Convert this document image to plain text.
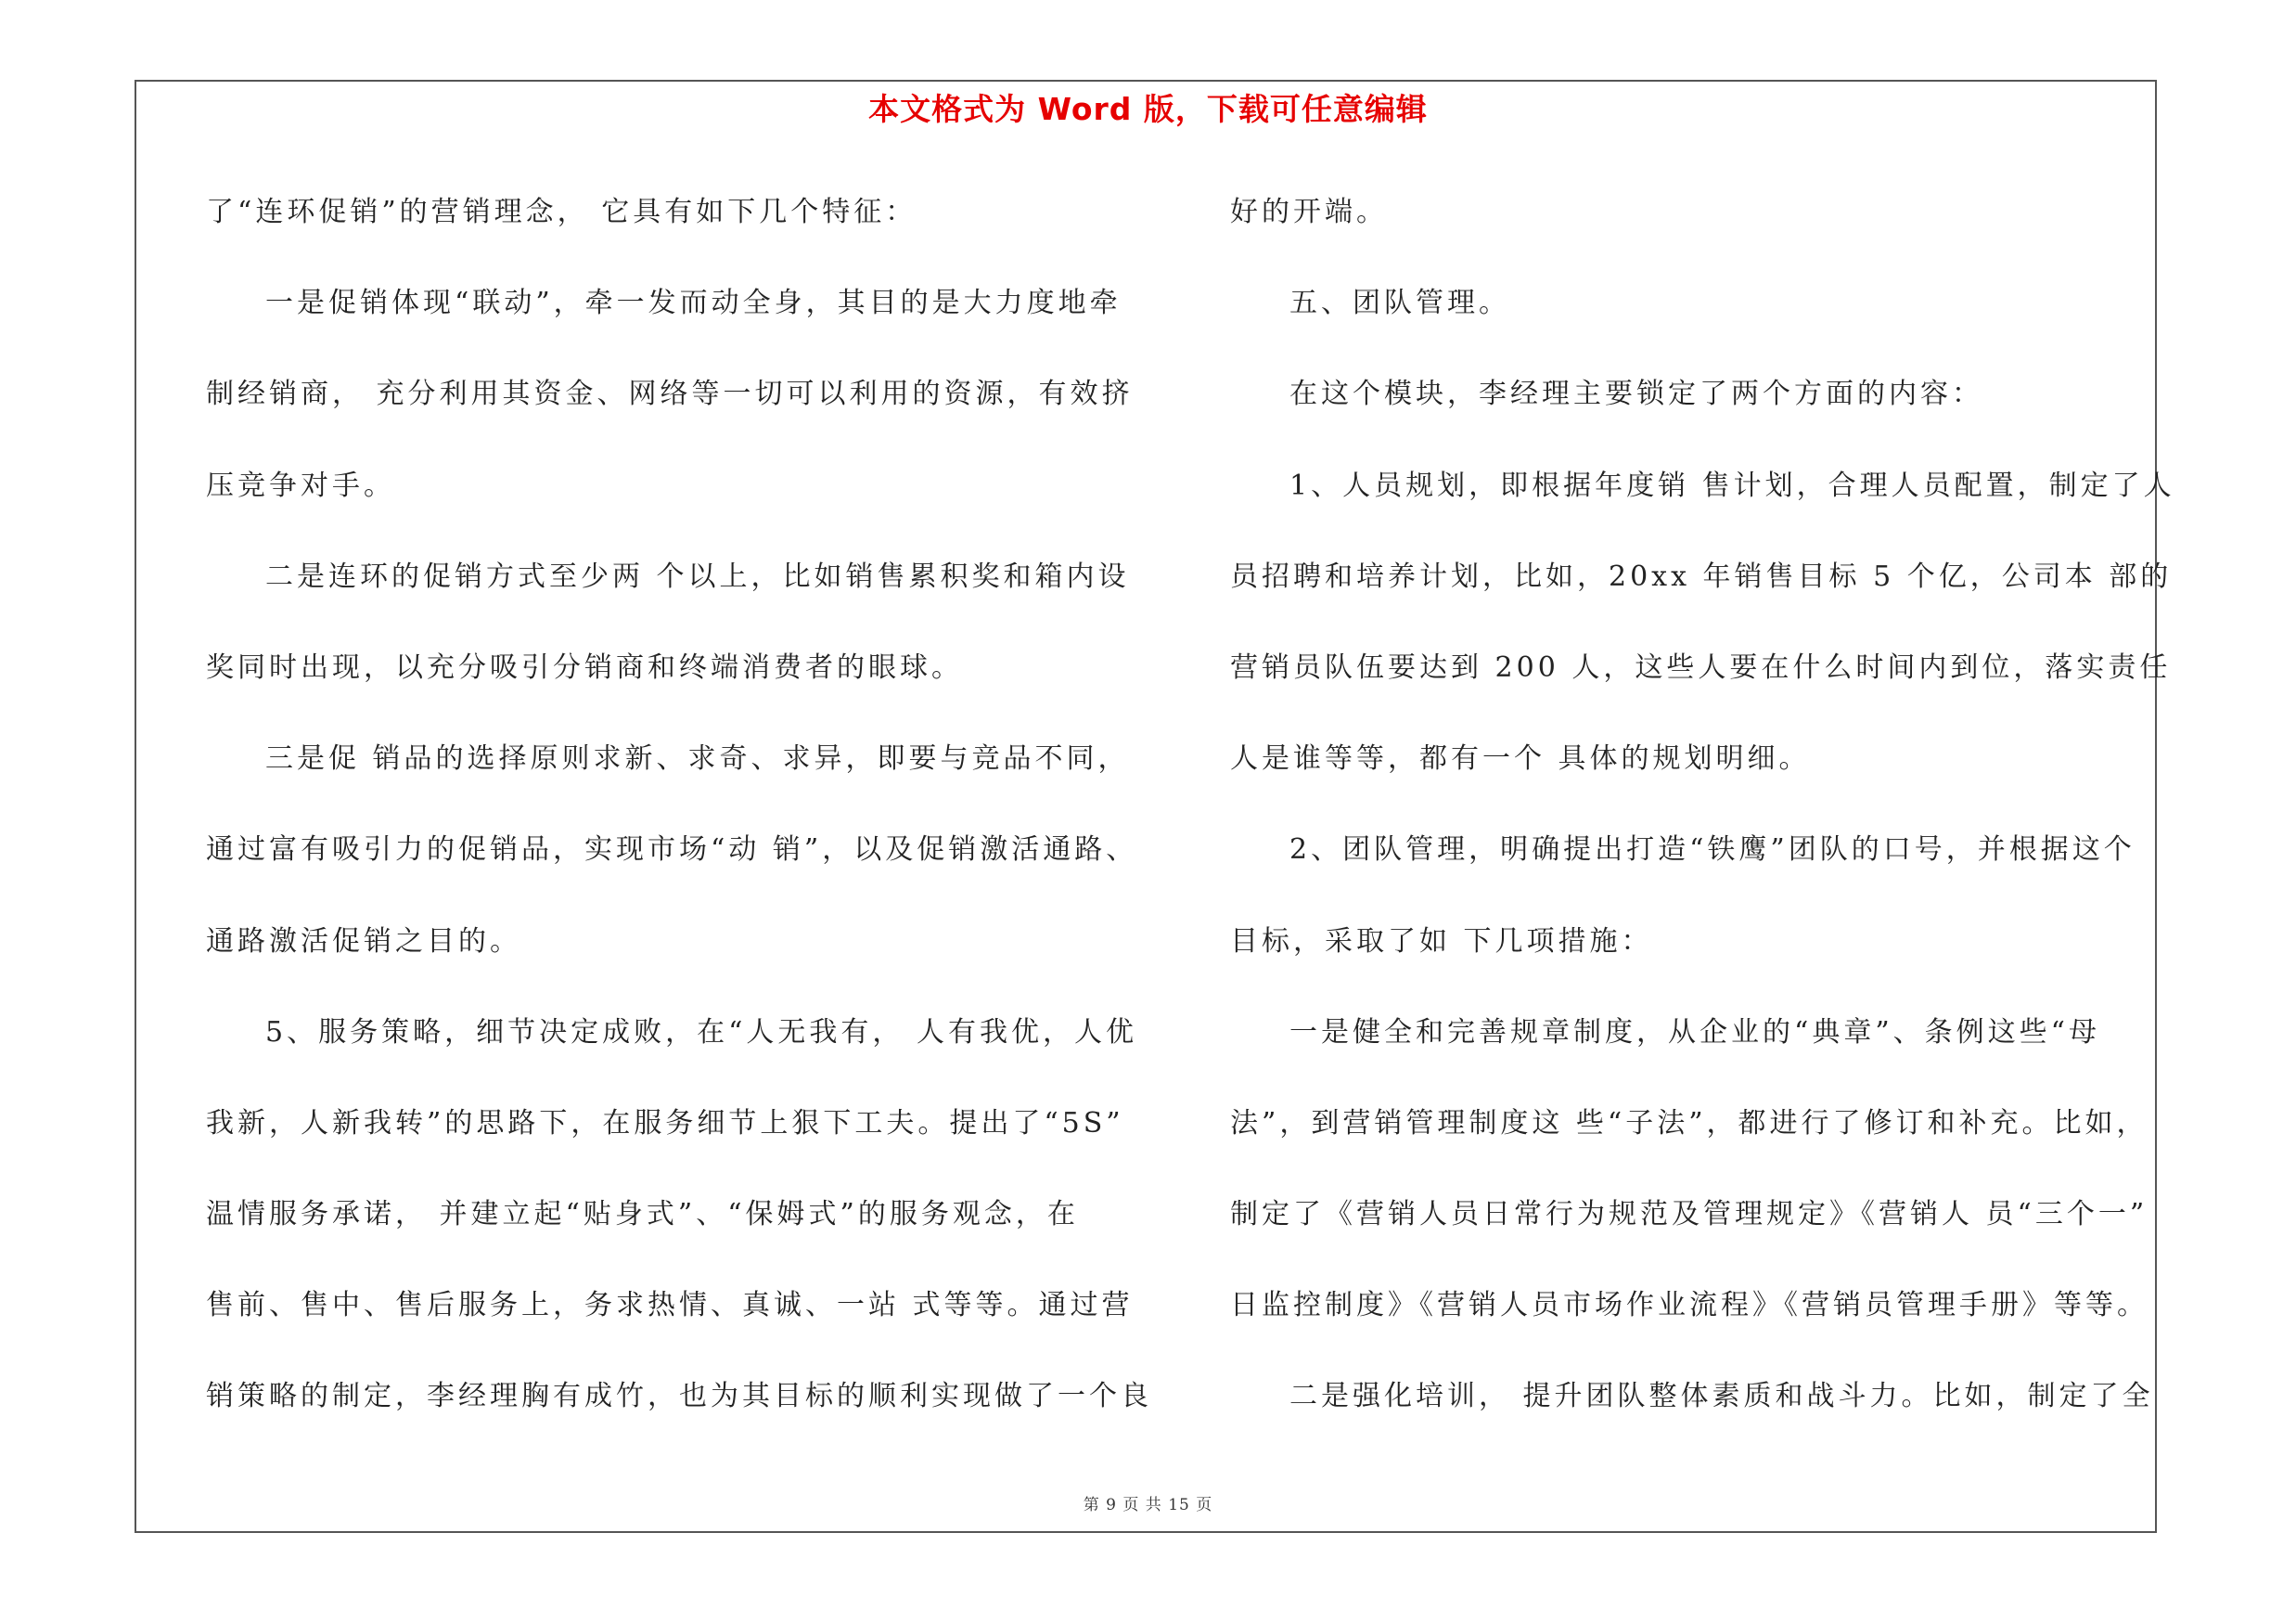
本文格式为 Word 版，下载可任意编辑
了“连环促销”的营销理念， 它具有如下几个特征：
一是促销体现“联动”，牵一发而动全身，其目的是大力度地牵
制经销商， 充分利用其资金、网络等一切可以利用的资源，有效挤
压竞争对手。
二是连环的促销方式至少两 个以上，比如销售累积奖和箱内设
奖同时出现，以充分吸引分销商和终端消费者的眼球。
三是促 销品的选择原则求新、求奇、求异，即要与竞品不同，
通过富有吸引力的促销品，实现市场“动 销”，以及促销激活通路、
通路激活促销之目的。
5、服务策略，细节决定成败，在“人无我有， 人有我优，人优
我新，人新我转”的思路下，在服务细节上狠下工夫。提出了“5S”
温情服务承诺， 并建立起“贴身式”、“保姆式”的服务观念，在
售前、售中、售后服务上，务求热情、真诚、一站 式等等。通过营
销策略的制定，李经理胸有成竹，也为其目标的顺利实现做了一个良
好的开端。
五、团队管理。
在这个模块，李经理主要锁定了两个方面的内容：
1、人员规划，即根据年度销 售计划，合理人员配置，制定了人
员招聘和培养计划，比如，20xx 年销售目标 5 个亿，公司本 部的
营销员队伍要达到 200 人，这些人要在什么时间内到位，落实责任
人是谁等等，都有一个 具体的规划明细。
2、团队管理，明确提出打造“铁鹰”团队的口号，并根据这个
目标，采取了如 下几项措施：
一是健全和完善规章制度，从企业的“典章”、条例这些“母
法”，到营销管理制度这 些“子法”，都进行了修订和补充。比如，
制定了《营销人员日常行为规范及管理规定》《营销人 员“三个一”
日监控制度》《营销人员市场作业流程》《营销员管理手册》等等。
二是强化培训， 提升团队整体素质和战斗力。比如，制定了全
第 9 页 共 15 页
